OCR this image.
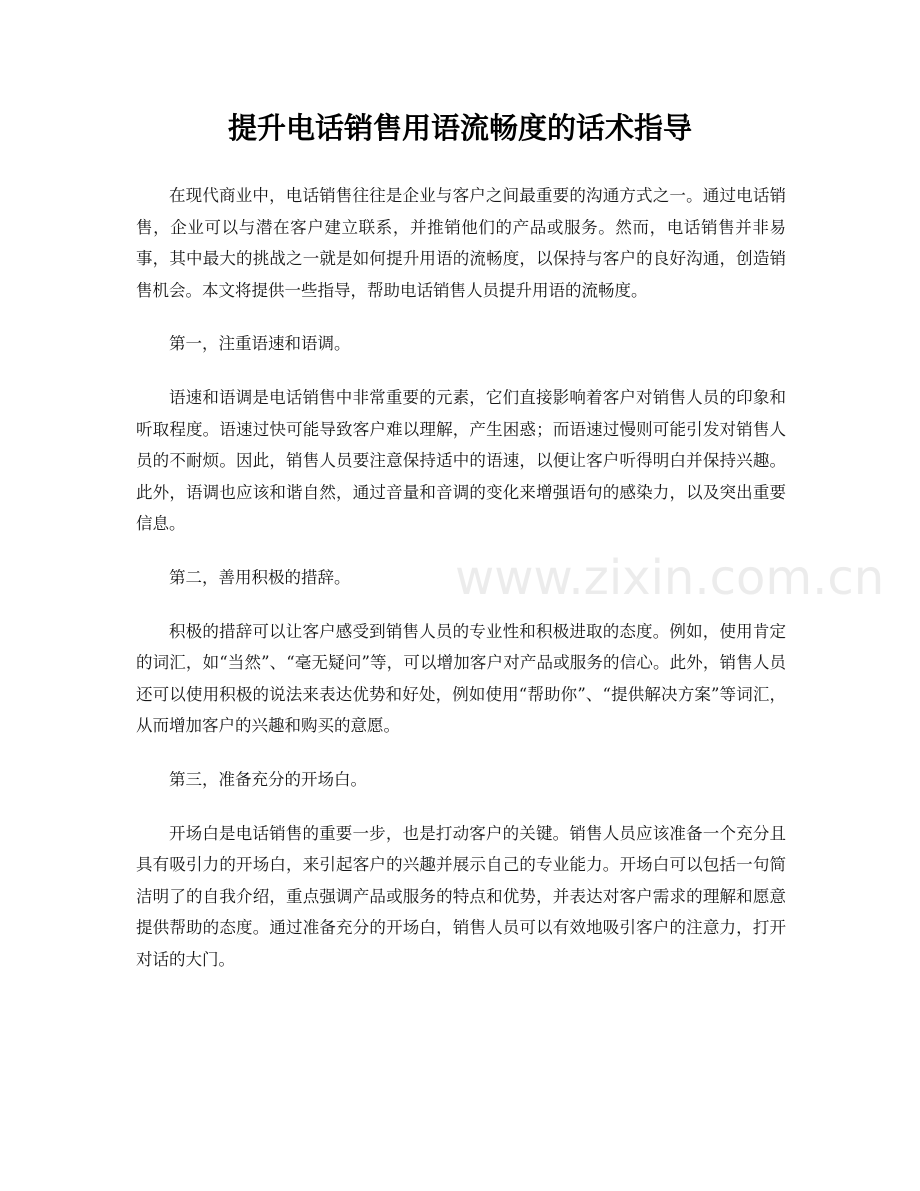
提升电话销售用语流畅度的话术指导

在现代商业中，电话销售往往是企业与客户之间最重要的沟通方式之一。通过电话销售，企业可以与潜在客户建立联系，并推销他们的产品或服务。然而，电话销售并非易事，其中最大的挑战之一就是如何提升用语的流畅度，以保持与客户的良好沟通，创造销售机会。本文将提供一些指导，帮助电话销售人员提升用语的流畅度。

第一，注重语速和语调。

语速和语调是电话销售中非常重要的元素，它们直接影响着客户对销售人员的印象和听取程度。语速过快可能导致客户难以理解，产生困惑；而语速过慢则可能引发对销售人员的不耐烦。因此，销售人员要注意保持适中的语速，以便让客户听得明白并保持兴趣。此外，语调也应该和谐自然，通过音量和音调的变化来增强语句的感染力，以及突出重要信息。

第二，善用积极的措辞。

积极的措辞可以让客户感受到销售人员的专业性和积极进取的态度。例如，使用肯定的词汇，如“当然”、“毫无疑问”等，可以增加客户对产品或服务的信心。此外，销售人员还可以使用积极的说法来表达优势和好处，例如使用“帮助你”、“提供解决方案”等词汇，从而增加客户的兴趣和购买的意愿。

第三，准备充分的开场白。

开场白是电话销售的重要一步，也是打动客户的关键。销售人员应该准备一个充分且具有吸引力的开场白，来引起客户的兴趣并展示自己的专业能力。开场白可以包括一句简洁明了的自我介绍，重点强调产品或服务的特点和优势，并表达对客户需求的理解和愿意提供帮助的态度。通过准备充分的开场白，销售人员可以有效地吸引客户的注意力，打开对话的大门。

www.zixin.com.cn
